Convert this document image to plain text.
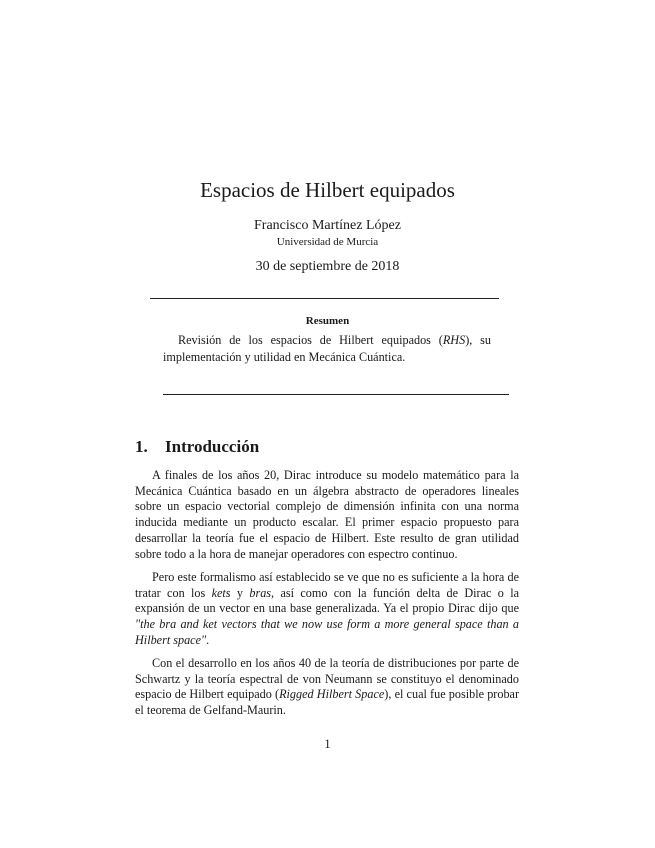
Espacios de Hilbert equipados
Francisco Martínez López
Universidad de Murcia
30 de septiembre de 2018
Resumen
Revisión de los espacios de Hilbert equipados (RHS), su implementación y utilidad en Mecánica Cuántica.
1. Introducción

A finales de los años 20, Dirac introduce su modelo matemático para la Mecánica Cuántica basado en un álgebra abstracto de operadores lineales sobre un espacio vectorial complejo de dimensión infinita con una norma inducida mediante un producto escalar. El primer espacio propuesto para desarrollar la teoría fue el espacio de Hilbert. Este resulto de gran utilidad sobre todo a la hora de manejar operadores con espectro continuo.

Pero este formalismo así establecido se ve que no es suficiente a la hora de tratar con los kets y bras, así como con la función delta de Dirac o la expansión de un vector en una base generalizada. Ya el propio Dirac dijo que "the bra and ket vectors that we now use form a more general space than a Hilbert space".

Con el desarrollo en los años 40 de la teoría de distribuciones por parte de Schwartz y la teoría espectral de von Neumann se constituyo el denominado espacio de Hilbert equipado (Rigged Hilbert Space), el cual fue posible probar el teorema de Gelfand-Maurin.

1
